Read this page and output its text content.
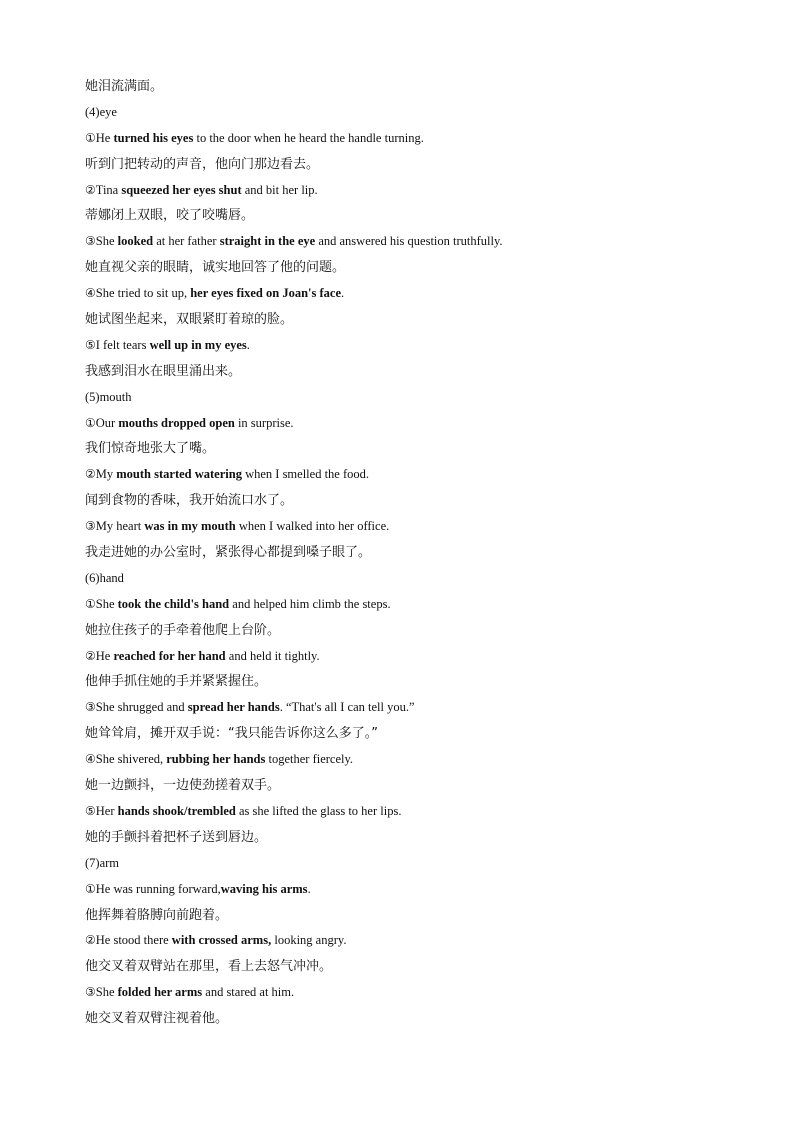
她泪流满面。
(4)eye
①He turned his eyes to the door when he heard the handle turning.
听到门把转动的声音，他向门那边看去。
②Tina squeezed her eyes shut and bit her lip.
蒂娜闭上双眼，咬了咬嘴唇。
③She looked at her father straight in the eye and answered his question truthfully.
她直视父亲的眼睛，诚实地回答了他的问题。
④She tried to sit up, her eyes fixed on Joan's face.
她试图坐起来，双眼紧盯着琼的脸。
⑤I felt tears well up in my eyes.
我感到泪水在眼里涌出来。
(5)mouth
①Our mouths dropped open in surprise.
我们惊奇地张大了嘴。
②My mouth started watering when I smelled the food.
闻到食物的香味，我开始流口水了。
③My heart was in my mouth when I walked into her office.
我走进她的办公室时，紧张得心都提到嗓子眼了。
(6)hand
①She took the child's hand and helped him climb the steps.
她拉住孩子的手牵着他爬上台阶。
②He reached for her hand and held it tightly.
他伸手抓住她的手并紧紧握住。
③She shrugged and spread her hands. “That's all I can tell you.”
她耸耸肩，摊开双手说：“我只能告诉你这么多了。”
④She shivered, rubbing her hands together fiercely.
她一边颤抖，一边使劲搓着双手。
⑤Her hands shook/trembled as she lifted the glass to her lips.
她的手颤抖着把杯子送到唇边。
(7)arm
①He was running forward,waving his arms.
他挥舞着胳膊向前跑着。
②He stood there with crossed arms, looking angry.
他交叉着双臂站在那里，看上去怒气冲冲。
③She folded her arms and stared at him.
她交叉着双臂注视着他。
